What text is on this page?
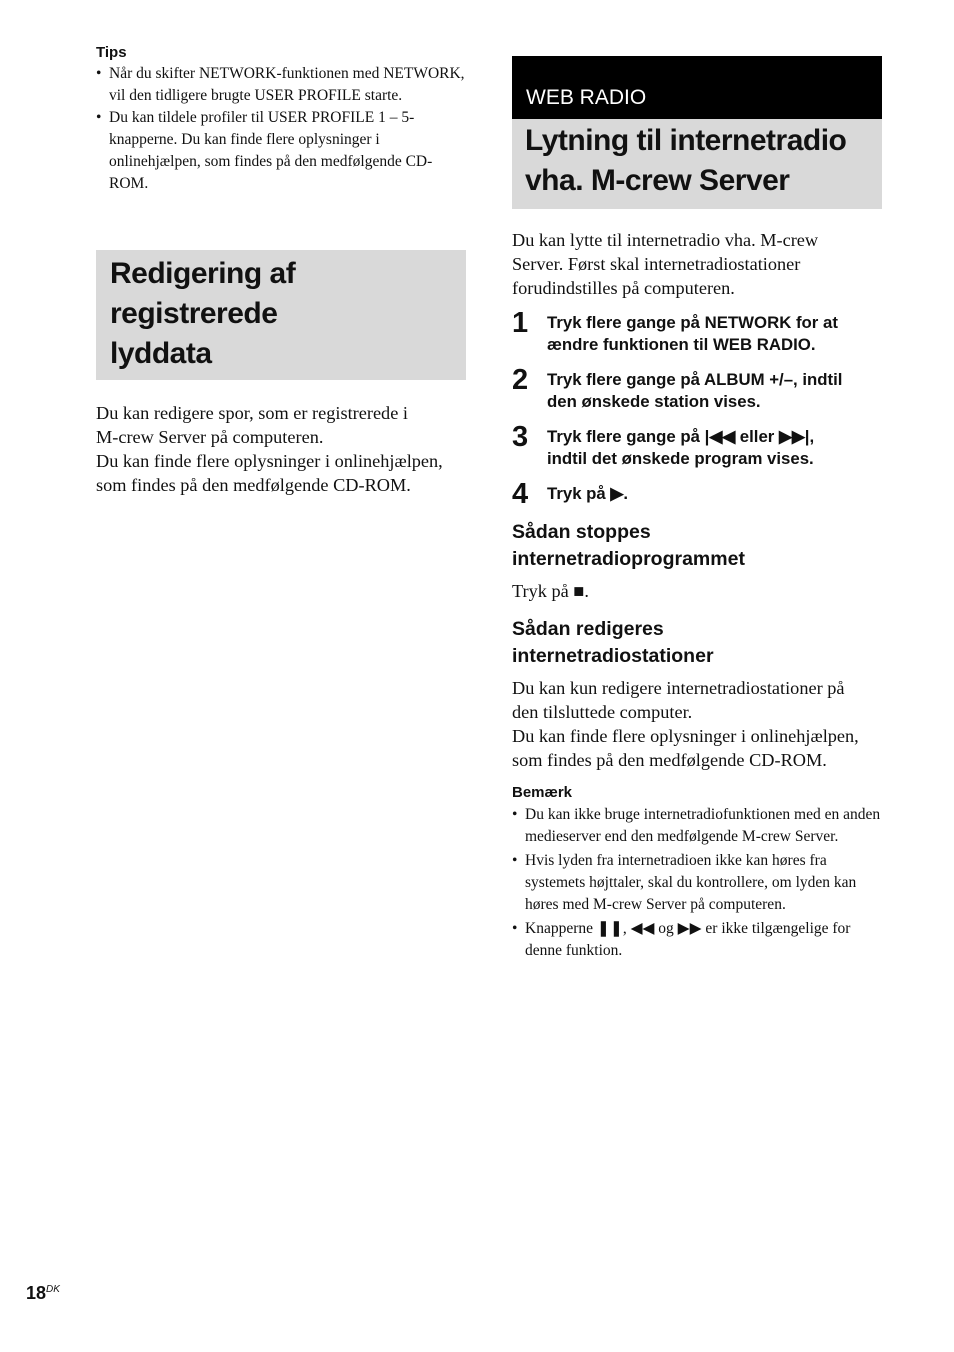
Tips

• Når du skifter NETWORK-funktionen med NETWORK, vil den tidligere brugte USER PROFILE starte.
• Du kan tildele profiler til USER PROFILE 1 – 5-knapperne. Du kan finde flere oplysninger i onlinehjælpen, som findes på den medfølgende CD-ROM.
Redigering af registrerede
lyddata
Du kan redigere spor, som er registrerede i
M-crew Server på computeren.
Du kan finde flere oplysninger i onlinehjælpen,
som findes på den medfølgende CD-ROM.
WEB RADIO
Lytning til internetradio
vha. M-crew Server
Du kan lytte til internetradio vha. M-crew
Server. Først skal internetradiostationer
forudindstilles på computeren.
1 Tryk flere gange på NETWORK for at
ændre funktionen til WEB RADIO.
2 Tryk flere gange på ALBUM +/–, indtil
den ønskede station vises.
3 Tryk flere gange på |◀◀ eller ▶▶|,
indtil det ønskede program vises.
4 Tryk på ▶.
Sådan stoppes
internetradioprogrammet

Tryk på ■.

Sådan redigeres
internetradiostationer
Du kan kun redigere internetradiostationer på
den tilsluttede computer.
Du kan finde flere oplysninger i onlinehjælpen,
som findes på den medfølgende CD-ROM.

Bemærk

• Du kan ikke bruge internetradiofunktionen med en anden medieserver end den medfølgende M-crew Server.
• Hvis lyden fra internetradioen ikke kan høres fra systemets højttaler, skal du kontrollere, om lyden kan høres med M-crew Server på computeren.
• Knapperne ❚❚, ◀◀ og ▶▶ er ikke tilgængelige for denne funktion.
$18^{DK}$
